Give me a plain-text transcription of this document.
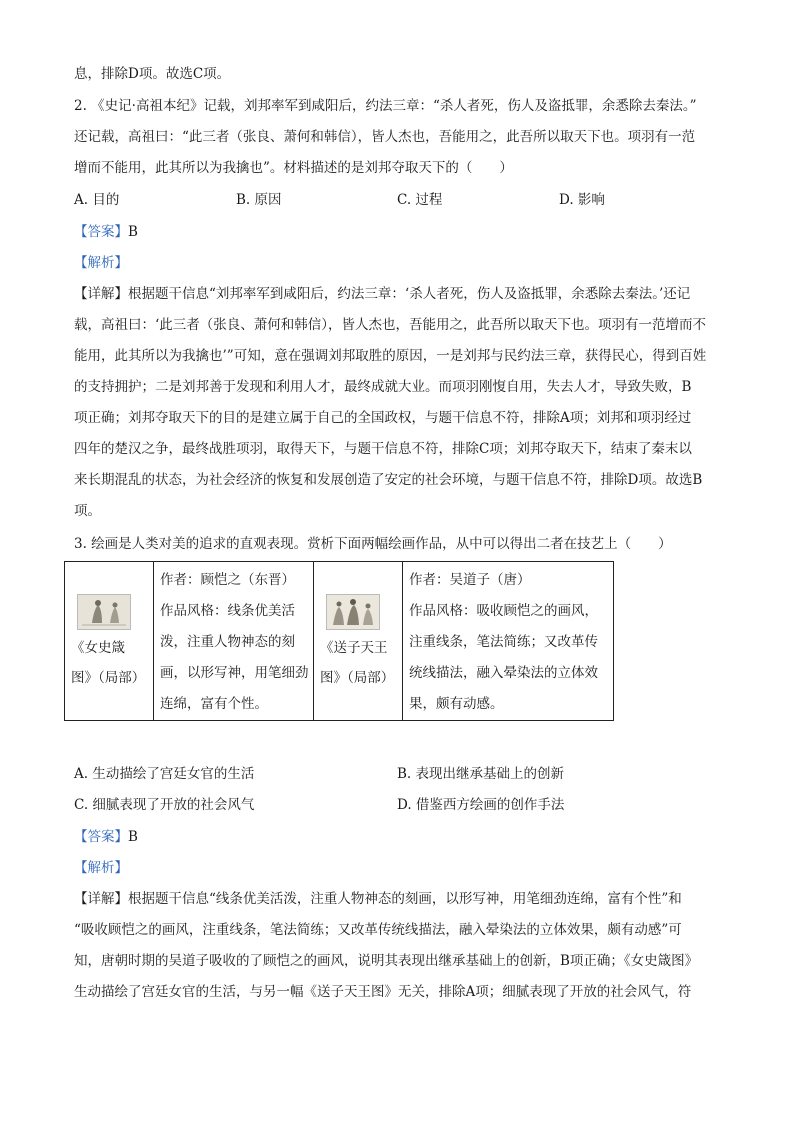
息，排除D项。故选C项。
2. 《史记·高祖本纪》记载，刘邦率军到咸阳后，约法三章：“杀人者死，伤人及盗抵罪，余悉除去秦法。”
还记载，高祖曰：“此三者（张良、萧何和韩信），皆人杰也，吾能用之，此吾所以取天下也。项羽有一范
增而不能用，此其所以为我擒也”。材料描述的是刘邦夺取天下的（　　）
A. 目的	B. 原因	C. 过程	D. 影响
【答案】B
【解析】
【详解】根据题干信息“刘邦率军到咸阳后，约法三章：‘杀人者死，伤人及盗抵罪，余悉除去秦法。’还记
载，高祖曰：‘此三者（张良、萧何和韩信），皆人杰也，吾能用之，此吾所以取天下也。项羽有一范增而不
能用，此其所以为我擒也’”可知，意在强调刘邦取胜的原因，一是刘邦与民约法三章，获得民心，得到百姓
的支持拥护；二是刘邦善于发现和利用人才，最终成就大业。而项羽刚愎自用，失去人才，导致失败，B
项正确；刘邦夺取天下的目的是建立属于自己的全国政权，与题干信息不符，排除A项；刘邦和项羽经过
四年的楚汉之争，最终战胜项羽，取得天下，与题干信息不符，排除C项；刘邦夺取天下，结束了秦末以
来长期混乱的状态，为社会经济的恢复和发展创造了安定的社会环境，与题干信息不符，排除D项。故选B
项。
3. 绘画是人类对美的追求的直观表现。赏析下面两幅绘画作品，从中可以得出二者在技艺上（　　）
《女史箴
图》（局部）

作者：顾恺之（东晋）
作品风格：线条优美活
泼，注重人物神态的刻
画，以形写神，用笔细劲
连绵，富有个性。

《送子天王
图》（局部）

作者：吴道子（唐）
作品风格：吸收顾恺之的画风，
注重线条，笔法简练；又改革传
统线描法，融入晕染法的立体效
果，颇有动感。
A. 生动描绘了宫廷女官的生活	B. 表现出继承基础上的创新
C. 细腻表现了开放的社会风气	D. 借鉴西方绘画的创作手法
【答案】B
【解析】
【详解】根据题干信息“线条优美活泼，注重人物神态的刻画，以形写神，用笔细劲连绵，富有个性”和
“吸收顾恺之的画风，注重线条，笔法简练；又改革传统线描法，融入晕染法的立体效果，颇有动感”可
知，唐朝时期的吴道子吸收的了顾恺之的画风，说明其表现出继承基础上的创新，B项正确；《女史箴图》
生动描绘了宫廷女官的生活，与另一幅《送子天王图》无关，排除A项；细腻表现了开放的社会风气，符
